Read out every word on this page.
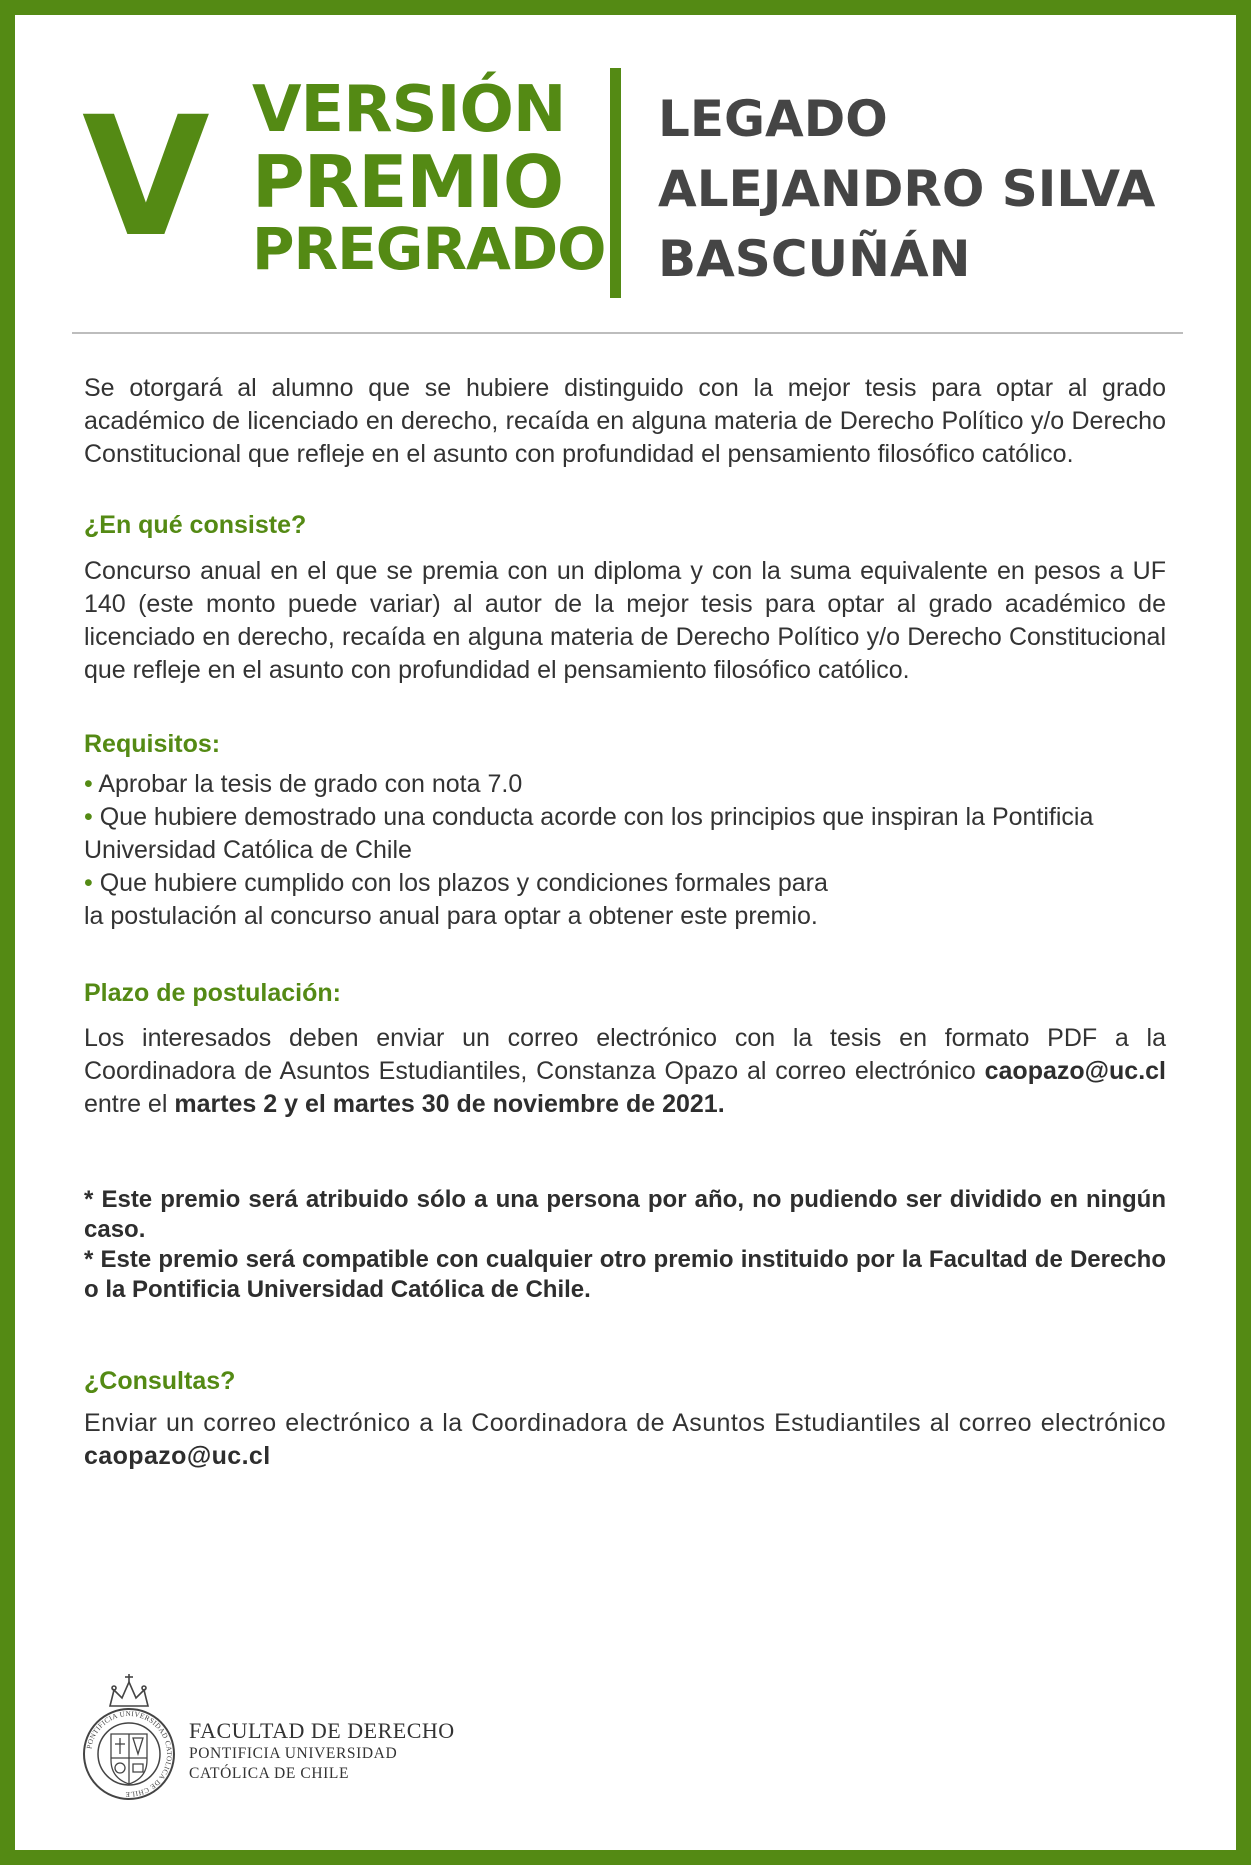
V VERSIÓN
PREMIO
PREGRADO
LEGADO
ALEJANDRO SILVA
BASCUÑÁN

Se otorgará al alumno que se hubiere distinguido con la mejor tesis para optar al grado académico de licenciado en derecho, recaída en alguna materia de Derecho Político y/o Derecho Constitucional que refleje en el asunto con profundidad el pensamiento filosófico católico.

¿En qué consiste?

Concurso anual en el que se premia con un diploma y con la suma equivalente en pesos a UF 140 (este monto puede variar) al autor de la mejor tesis para optar al grado académico de licenciado en derecho, recaída en alguna materia de Derecho Político y/o Derecho Constitucional que refleje en el asunto con profundidad el pensamiento filosófico católico.

Requisitos:

• Aprobar la tesis de grado con nota 7.0
• Que hubiere demostrado una conducta acorde con los principios que inspiran la Pontificia Universidad Católica de Chile
• Que hubiere cumplido con los plazos y condiciones formales para
la postulación al concurso anual para optar a obtener este premio.

Plazo de postulación:

Los interesados deben enviar un correo electrónico con la tesis en formato PDF a la Coordinadora de Asuntos Estudiantiles, Constanza Opazo al correo electrónico caopazo@uc.cl entre el martes 2 y el martes 30 de noviembre de 2021.

* Este premio será atribuido sólo a una persona por año, no pudiendo ser dividido en ningún caso.
* Este premio será compatible con cualquier otro premio instituido por la Facultad de Derecho o la Pontificia Universidad Católica de Chile.

¿Consultas?

Enviar un correo electrónico a la Coordinadora de Asuntos Estudiantiles al correo electrónico caopazo@uc.cl

PONTIFICIA UNIVERSIDAD CATOLICA DE CHILE
FACULTAD DE DERECHO
PONTIFICIA UNIVERSIDAD
CATÓLICA DE CHILE
